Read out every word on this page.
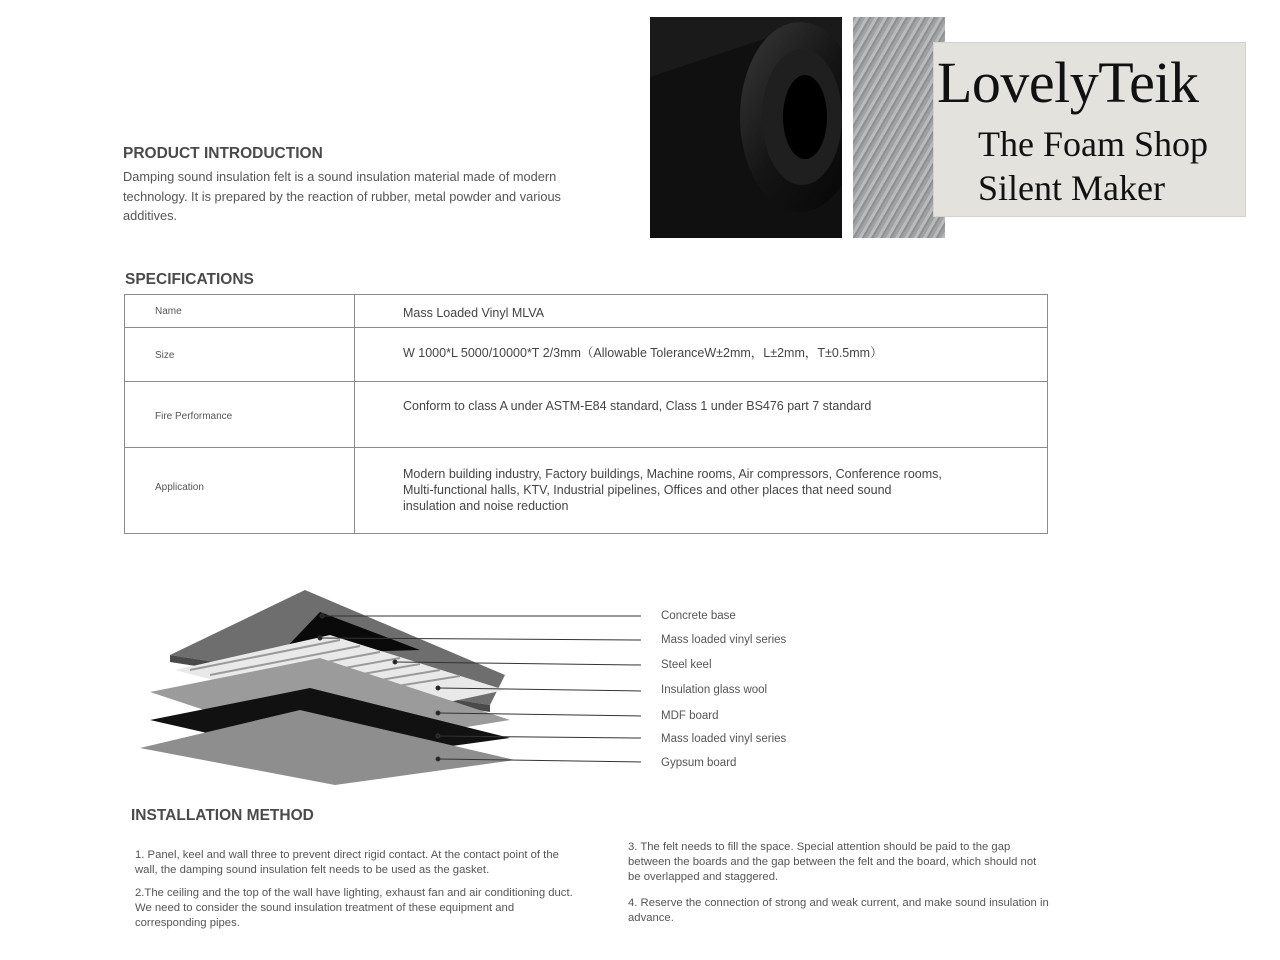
LovelyTeik
The Foam Shop
Silent Maker
PRODUCT INTRODUCTION
Damping sound insulation felt is a sound insulation material made of modern technology. It is prepared by the reaction of rubber, metal powder and various additives.
SPECIFICATIONS
Name	Mass Loaded Vinyl MLVA
Size	W 1000*L 5000/10000*T 2/3mm（Allowable ToleranceW±2mm，L±2mm，T±0.5mm）
Fire Performance	Conform to class A under ASTM-E84 standard, Class 1 under BS476 part 7 standard
Application	Modern building industry, Factory buildings, Machine rooms, Air compressors, Conference rooms, Multi-functional halls, KTV, Industrial pipelines, Offices and other places that need sound insulation and noise reduction
Concrete base
Mass loaded vinyl series
Steel keel
Insulation glass wool
MDF board
Mass loaded vinyl series
Gypsum board
INSTALLATION METHOD
1. Panel, keel and wall three to prevent direct rigid contact. At the contact point of the wall, the damping sound insulation felt needs to be used as the gasket.
2.The ceiling and the top of the wall have lighting, exhaust fan and air conditioning duct. We need to consider the sound insulation treatment of these equipment and corresponding pipes.
3. The felt needs to fill the space. Special attention should be paid to the gap between the boards and the gap between the felt and the board, which should not be overlapped and staggered.
4. Reserve the connection of strong and weak current, and make sound insulation in advance.
